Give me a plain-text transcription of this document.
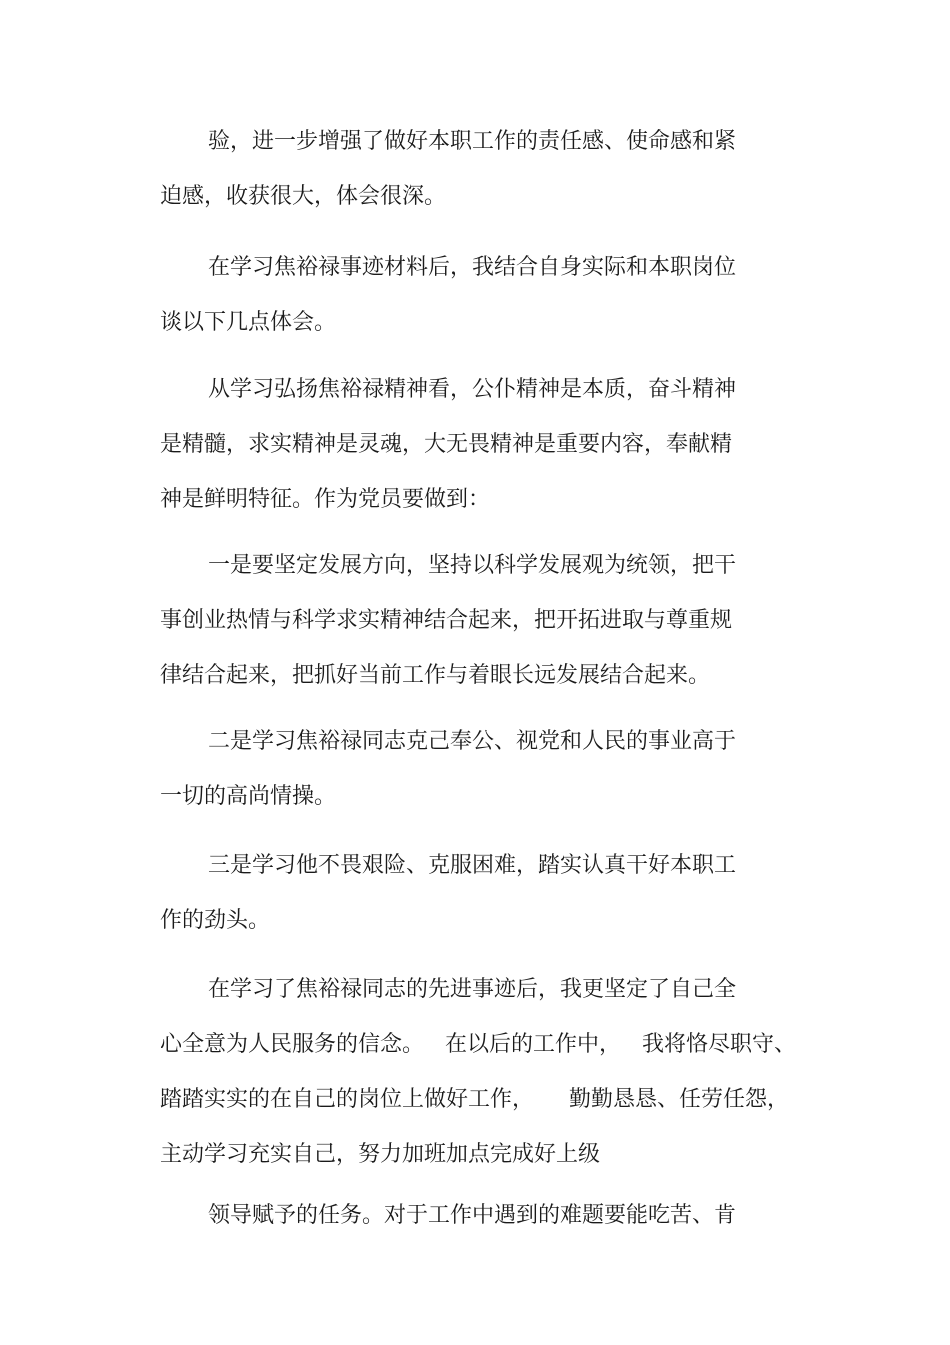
验，进一步增强了做好本职工作的责任感、使命感和紧
迫感，收获很大，体会很深。
在学习焦裕禄事迹材料后，我结合自身实际和本职岗位
谈以下几点体会。
从学习弘扬焦裕禄精神看，公仆精神是本质，奋斗精神
是精髓，求实精神是灵魂，大无畏精神是重要内容，奉献精
神是鲜明特征。作为党员要做到：
一是要坚定发展方向，坚持以科学发展观为统领，把干
事创业热情与科学求实精神结合起来，把开拓进取与尊重规
律结合起来，把抓好当前工作与着眼长远发展结合起来。
二是学习焦裕禄同志克己奉公、视党和人民的事业高于
一切的高尚情操。
三是学习他不畏艰险、克服困难，踏实认真干好本职工
作的劲头。
在学习了焦裕禄同志的先进事迹后，我更坚定了自己全
心全意为人民服务的信念。   在以后的工作中，   我将恪尽职守、
踏踏实实的在自己的岗位上做好工作，     勤勤恳恳、任劳任怨，
主动学习充实自己，努力加班加点完成好上级
领导赋予的任务。对于工作中遇到的难题要能吃苦、肯
